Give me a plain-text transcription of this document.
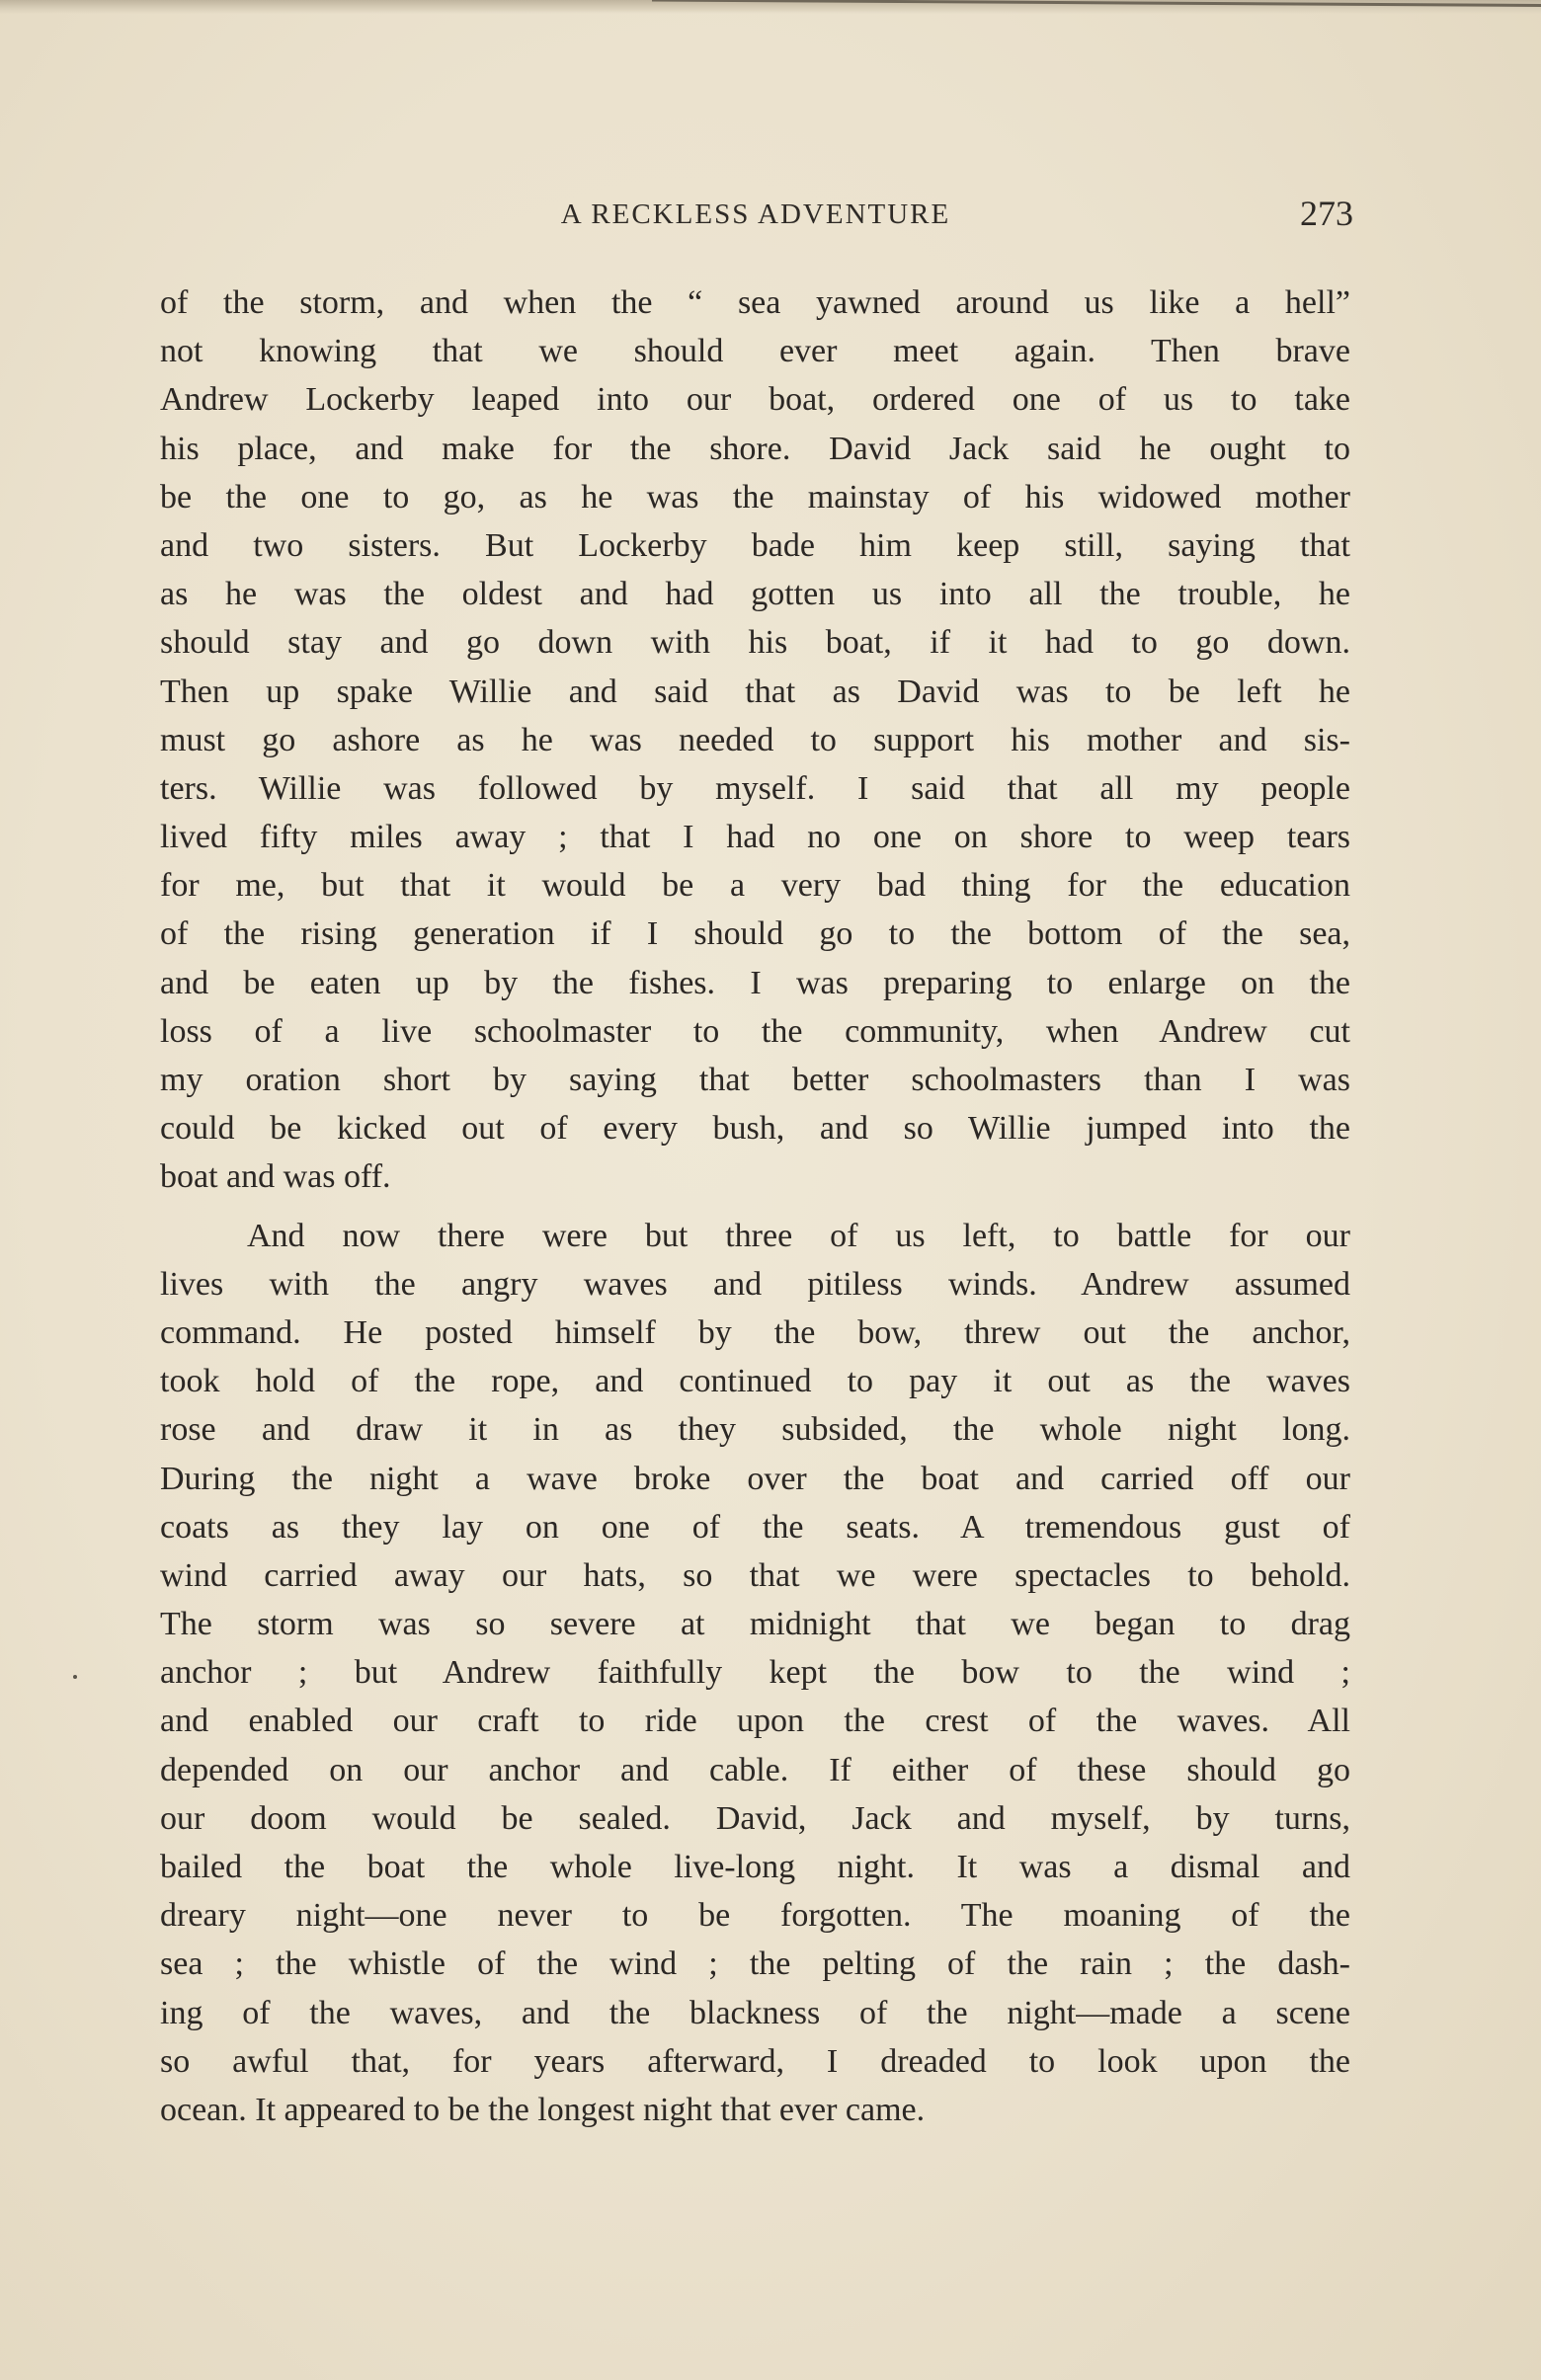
A RECKLESS ADVENTURE	273
of the storm, and when the “ sea yawned around us like a hell”
not knowing that we should ever meet again. Then brave
Andrew Lockerby leaped into our boat, ordered one of us to take
his place, and make for the shore. David Jack said he ought to
be the one to go, as he was the mainstay of his widowed mother
and two sisters. But Lockerby bade him keep still, saying that
as he was the oldest and had gotten us into all the trouble, he
should stay and go down with his boat, if it had to go down.
Then up spake Willie and said that as David was to be left he
must go ashore as he was needed to support his mother and sis-
ters. Willie was followed by myself. I said that all my people
lived fifty miles away ; that I had no one on shore to weep tears
for me, but that it would be a very bad thing for the education
of the rising generation if I should go to the bottom of the sea,
and be eaten up by the fishes. I was preparing to enlarge on the
loss of a live schoolmaster to the community, when Andrew cut
my oration short by saying that better schoolmasters than I was
could be kicked out of every bush, and so Willie jumped into the
boat and was off.
And now there were but three of us left, to battle for our
lives with the angry waves and pitiless winds. Andrew assumed
command. He posted himself by the bow, threw out the anchor,
took hold of the rope, and continued to pay it out as the waves
rose and draw it in as they subsided, the whole night long.
During the night a wave broke over the boat and carried off our
coats as they lay on one of the seats. A tremendous gust of
wind carried away our hats, so that we were spectacles to behold.
The storm was so severe at midnight that we began to drag
anchor ; but Andrew faithfully kept the bow to the wind ;
and enabled our craft to ride upon the crest of the waves. All
depended on our anchor and cable. If either of these should go
our doom would be sealed. David, Jack and myself, by turns,
bailed the boat the whole live-long night. It was a dismal and
dreary night—one never to be forgotten. The moaning of the
sea ; the whistle of the wind ; the pelting of the rain ; the dash-
ing of the waves, and the blackness of the night—made a scene
so awful that, for years afterward, I dreaded to look upon the
ocean. It appeared to be the longest night that ever came.
